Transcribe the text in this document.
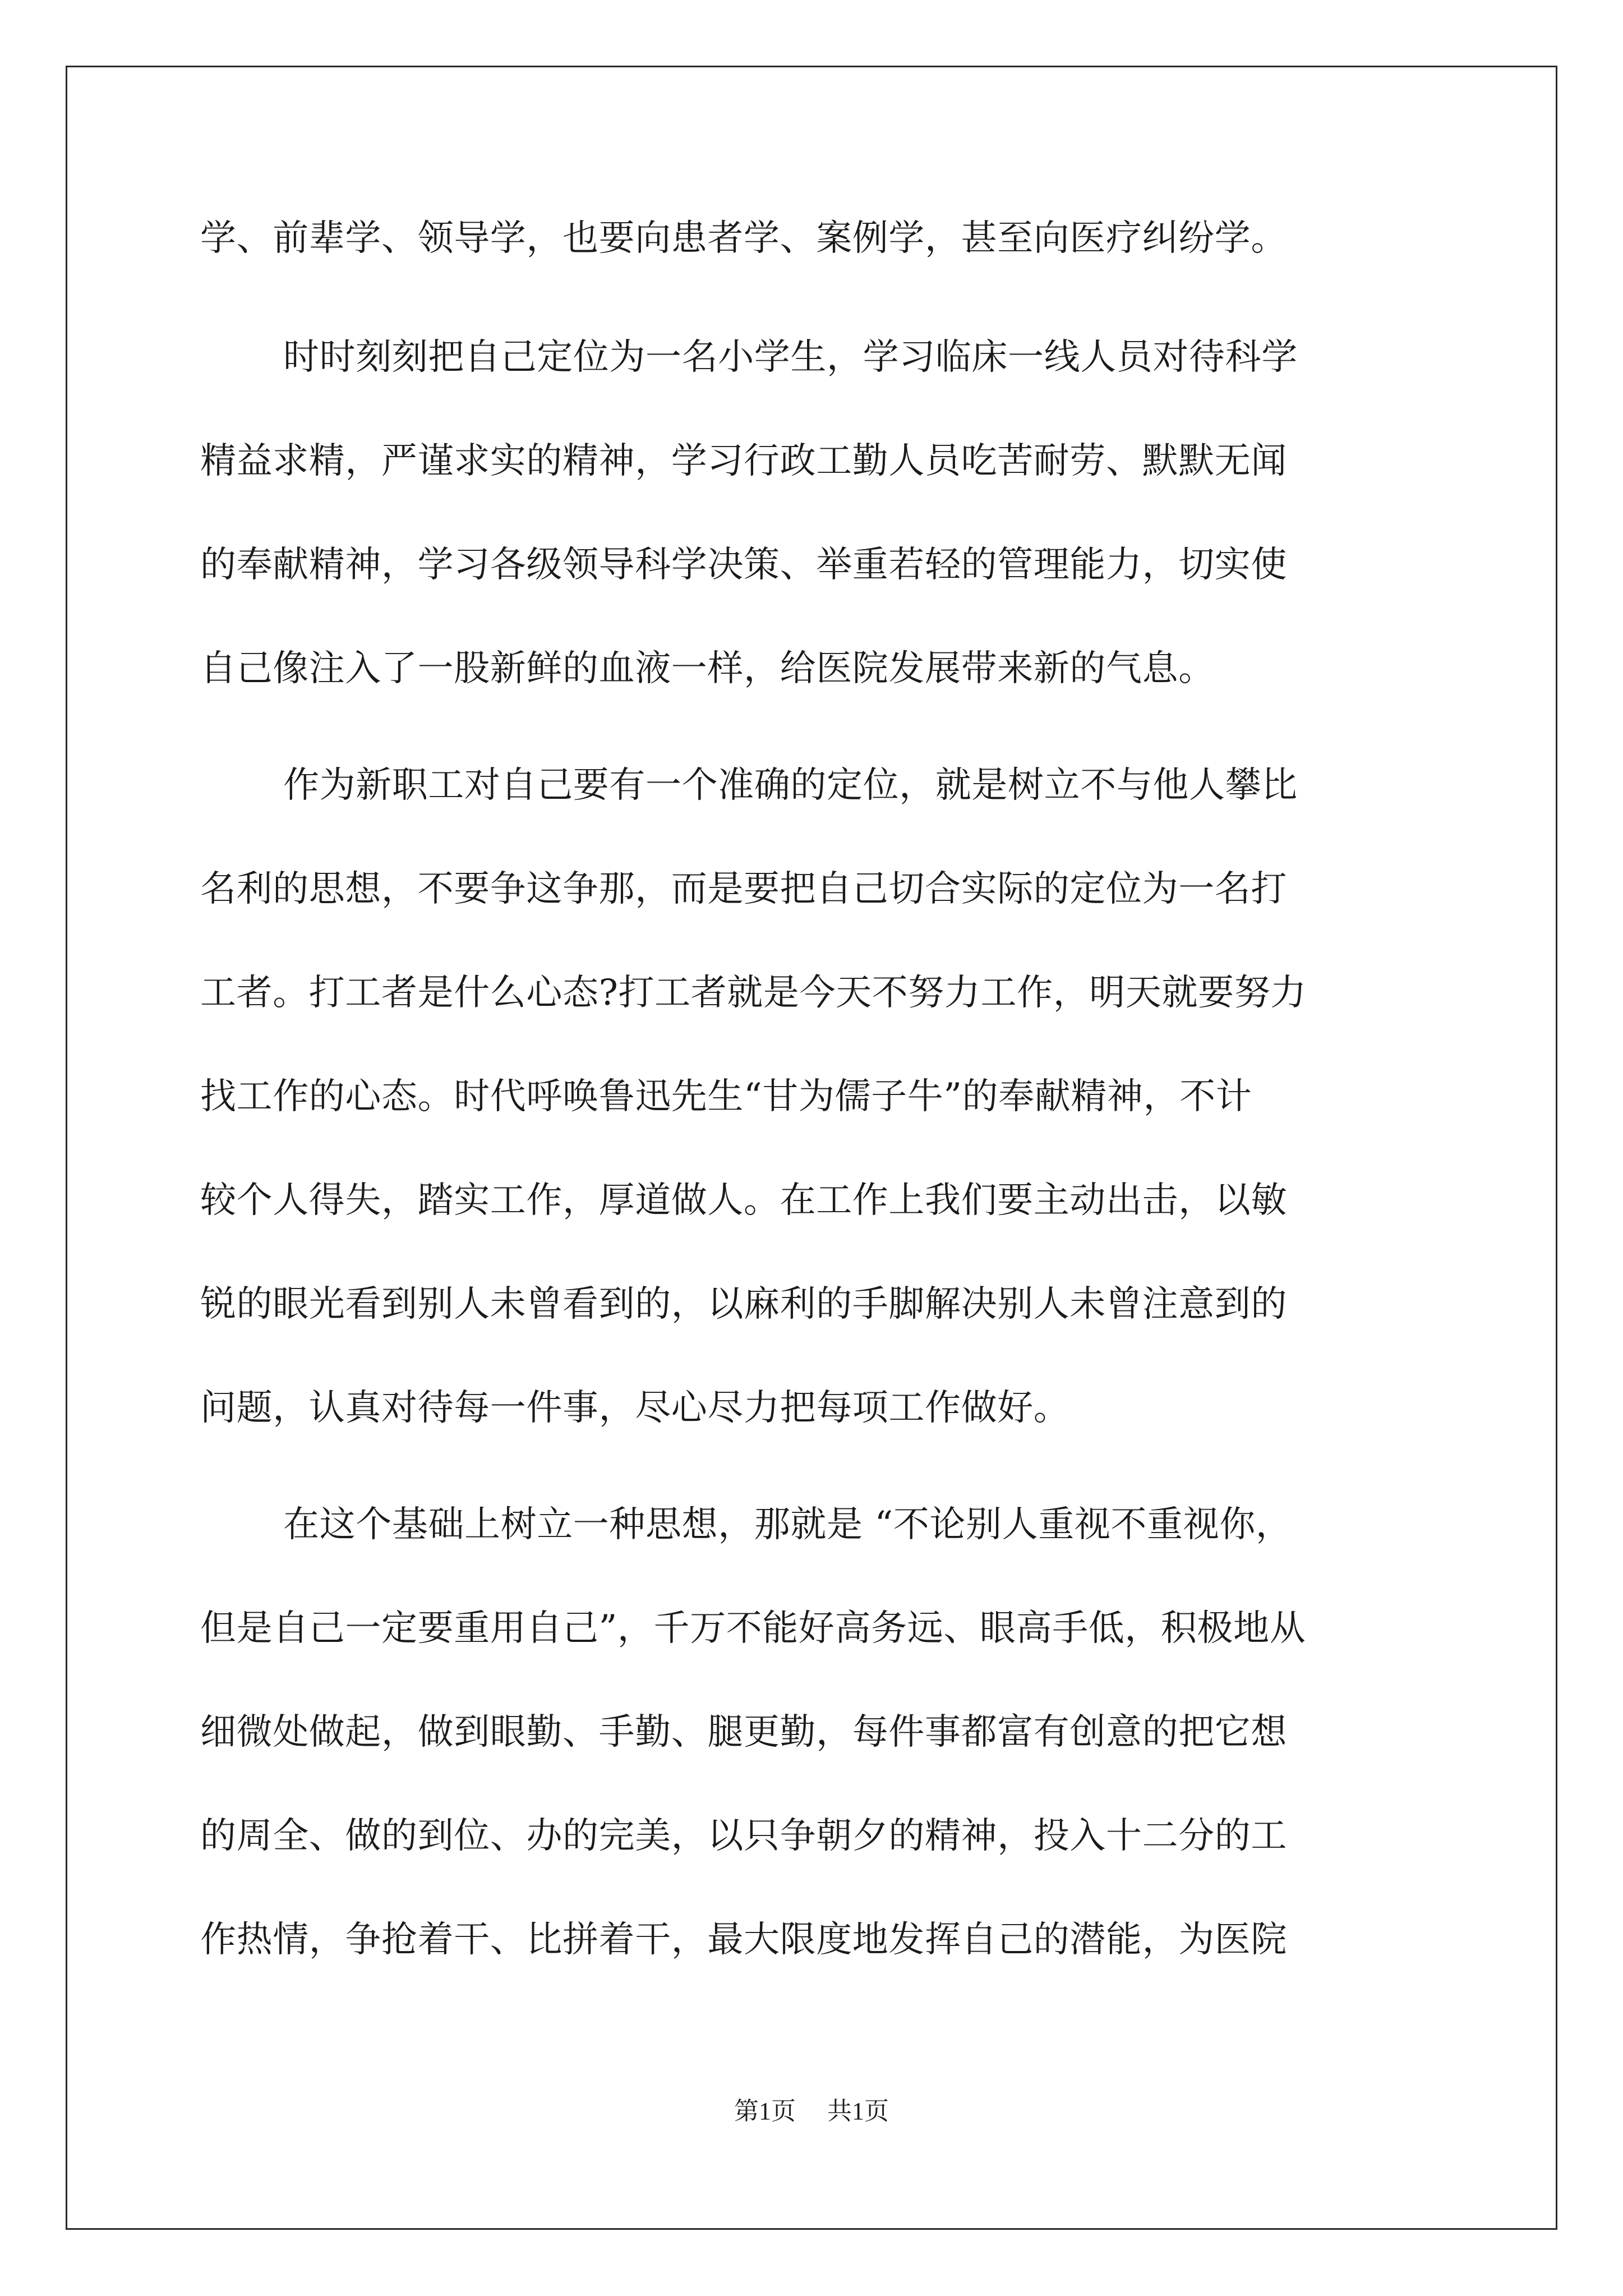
学、前辈学、领导学，也要向患者学、案例学，甚至向医疗纠纷学。
时时刻刻把自己定位为一名小学生，学习临床一线人员对待科学
精益求精，严谨求实的精神，学习行政工勤人员吃苦耐劳、默默无闻
的奉献精神，学习各级领导科学决策、举重若轻的管理能力，切实使
自己像注入了一股新鲜的血液一样，给医院发展带来新的气息。
作为新职工对自己要有一个准确的定位，就是树立不与他人攀比
名利的思想，不要争这争那，而是要把自己切合实际的定位为一名打
工者。打工者是什么心态?打工者就是今天不努力工作，明天就要努力
找工作的心态。时代呼唤鲁迅先生“甘为儒子牛”的奉献精神，不计
较个人得失，踏实工作，厚道做人。在工作上我们要主动出击，以敏
锐的眼光看到别人未曾看到的，以麻利的手脚解决别人未曾注意到的
问题，认真对待每一件事，尽心尽力把每项工作做好。
在这个基础上树立一种思想，那就是 “不论别人重视不重视你，
但是自己一定要重用自己”，千万不能好高务远、眼高手低，积极地从
细微处做起，做到眼勤、手勤、腿更勤，每件事都富有创意的把它想
的周全、做的到位、办的完美，以只争朝夕的精神，投入十二分的工
作热情，争抢着干、比拼着干，最大限度地发挥自己的潜能，为医院
第1页 共1页
